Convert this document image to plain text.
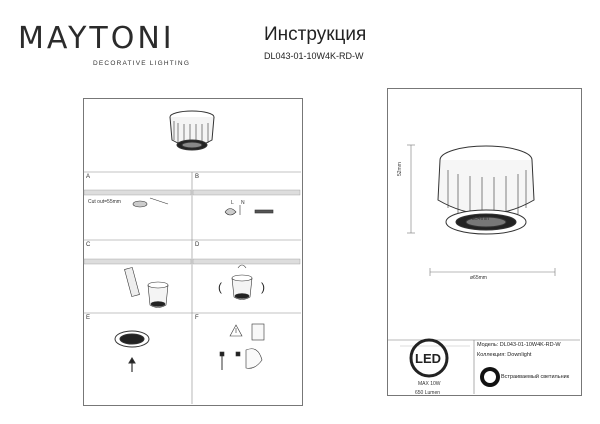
MAYTONI
DECORATIVE LIGHTING
Инструкция
DL043-01-10W4K-RD-W
A
Cut out=55mm
B
L N
C	D
(	)
E	F
52mm
ø54mm
ø65mm
LED
MAX 10W
650 Lumen
Модель: DL043-01-10W4K-RD-W
Коллекция: Downlight
Встраиваемый светильник
